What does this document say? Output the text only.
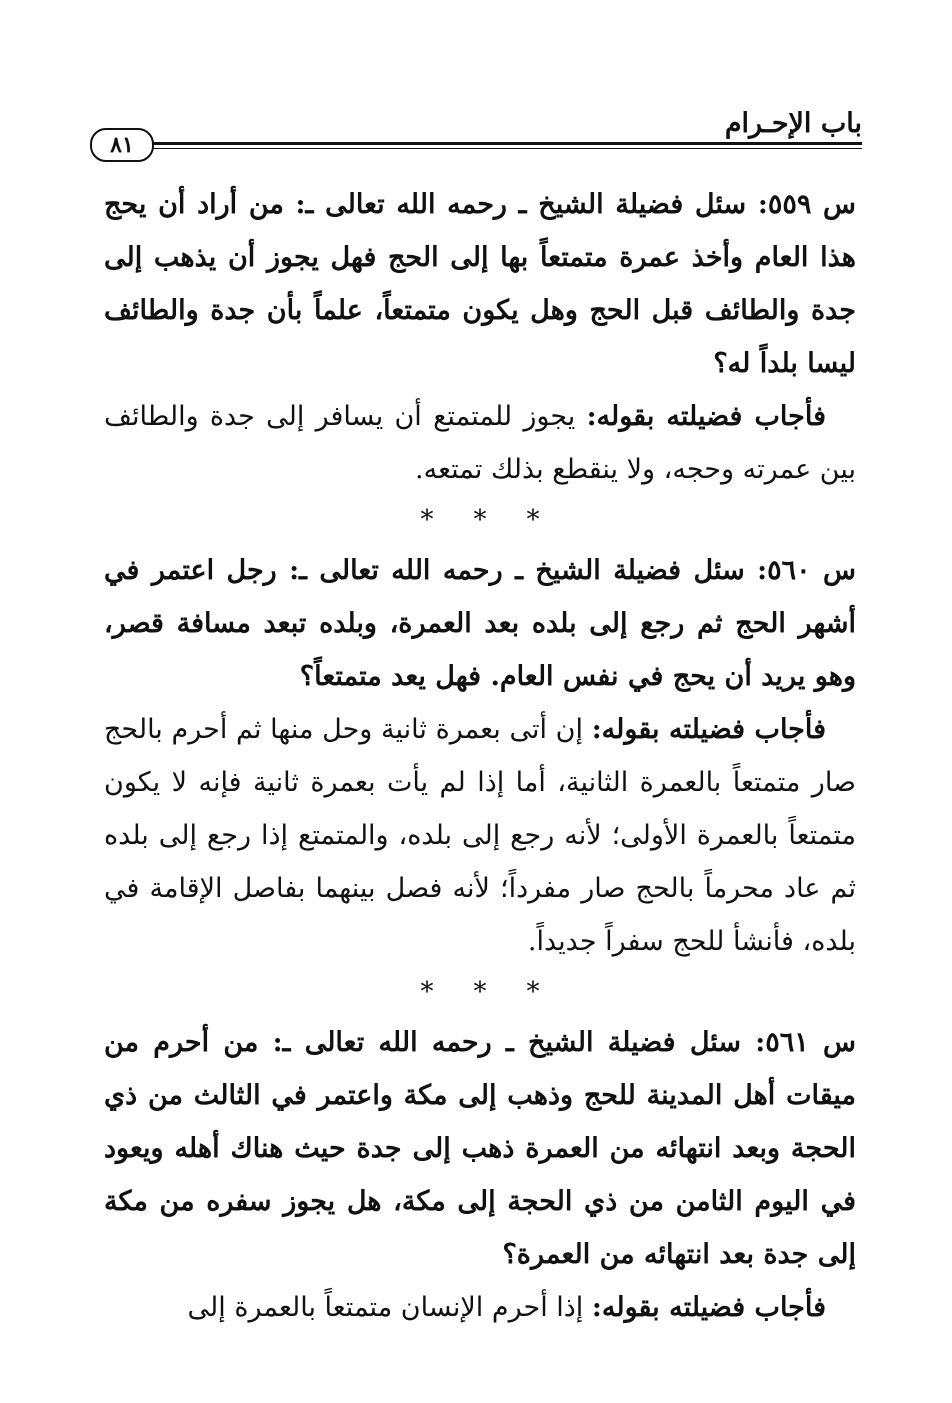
باب الإحـرام
٨١

س ٥٥٩: سئل فضيلة الشيخ ـ رحمه الله تعالى ـ: من أراد أن يحج هذا العام وأخذ عمرة متمتعاً بها إلى الحج فهل يجوز أن يذهب إلى جدة والطائف قبل الحج وهل يكون متمتعاً، علماً بأن جدة والطائف ليسا بلداً له؟

فأجاب فضيلته بقوله: يجوز للمتمتع أن يسافر إلى جدة والطائف بين عمرته وحجه، ولا ينقطع بذلك تمتعه.

* * *

س ٥٦٠: سئل فضيلة الشيخ ـ رحمه الله تعالى ـ: رجل اعتمر في أشهر الحج ثم رجع إلى بلده بعد العمرة، وبلده تبعد مسافة قصر، وهو يريد أن يحج في نفس العام. فهل يعد متمتعاً؟

فأجاب فضيلته بقوله: إن أتى بعمرة ثانية وحل منها ثم أحرم بالحج صار متمتعاً بالعمرة الثانية، أما إذا لم يأت بعمرة ثانية فإنه لا يكون متمتعاً بالعمرة الأولى؛ لأنه رجع إلى بلده، والمتمتع إذا رجع إلى بلده ثم عاد محرماً بالحج صار مفرداً؛ لأنه فصل بينهما بفاصل الإقامة في بلده، فأنشأ للحج سفراً جديداً.

* * *

س ٥٦١: سئل فضيلة الشيخ ـ رحمه الله تعالى ـ: من أحرم من ميقات أهل المدينة للحج وذهب إلى مكة واعتمر في الثالث من ذي الحجة وبعد انتهائه من العمرة ذهب إلى جدة حيث هناك أهله ويعود في اليوم الثامن من ذي الحجة إلى مكة، هل يجوز سفره من مكة إلى جدة بعد انتهائه من العمرة؟

فأجاب فضيلته بقوله: إذا أحرم الإنسان متمتعاً بالعمرة إلى
